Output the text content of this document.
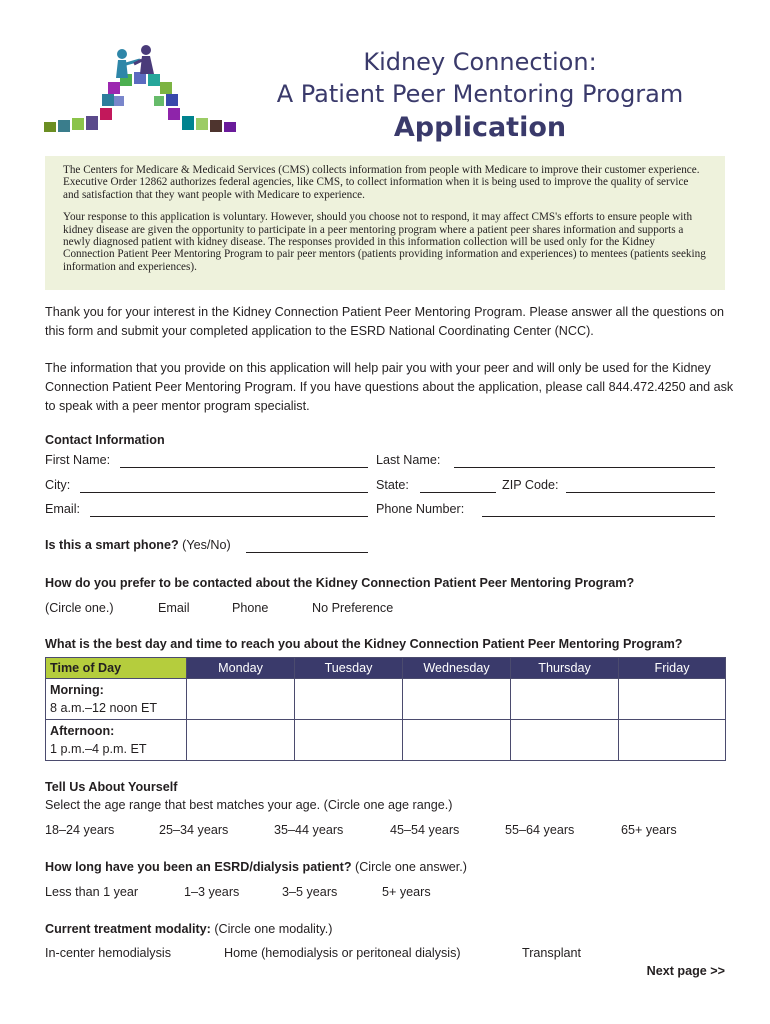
Kidney Connection:
A Patient Peer Mentoring Program
Application

The Centers for Medicare & Medicaid Services (CMS) collects information from people with Medicare to improve their customer experience. Executive Order 12862 authorizes federal agencies, like CMS, to collect information when it is being used to improve the quality of service and satisfaction that they want people with Medicare to experience.

Your response to this application is voluntary. However, should you choose not to respond, it may affect CMS's efforts to ensure people with kidney disease are given the opportunity to participate in a peer mentoring program where a patient peer shares information and supports a newly diagnosed patient with kidney disease. The responses provided in this information collection will be used only for the Kidney Connection Patient Peer Mentoring Program to pair peer mentors (patients providing information and experiences) to mentees (patients seeking information and experiences).

Thank you for your interest in the Kidney Connection Patient Peer Mentoring Program. Please answer all the questions on this form and submit your completed application to the ESRD National Coordinating Center (NCC).
The information that you provide on this application will help pair you with your peer and will only be used for the Kidney Connection Patient Peer Mentoring Program. If you have questions about the application, please call 844.472.4250 and ask to speak with a peer mentor program specialist.
Contact Information
First Name:	Last Name:
City:	State:	ZIP Code:
Email:	Phone Number:
Is this a smart phone? (Yes/No)
How do you prefer to be contacted about the Kidney Connection Patient Peer Mentoring Program?
(Circle one.)	Email	Phone	No Preference
What is the best day and time to reach you about the Kidney Connection Patient Peer Mentoring Program?
Time of Day	Monday	Tuesday	Wednesday	Thursday	Friday

Morning:
8 a.m.–12 noon ET					

Afternoon:
1 p.m.–4 p.m. ET					

Tell Us About Yourself
Select the age range that best matches your age. (Circle one age range.)
18–24 years	25–34 years	35–44 years	45–54 years	55–64 years	65+ years
How long have you been an ESRD/dialysis patient? (Circle one answer.)
Less than 1 year	1–3 years	3–5 years	5+ years
Current treatment modality: (Circle one modality.)
In-center hemodialysis	Home (hemodialysis or peritoneal dialysis)	Transplant
Next page >>
